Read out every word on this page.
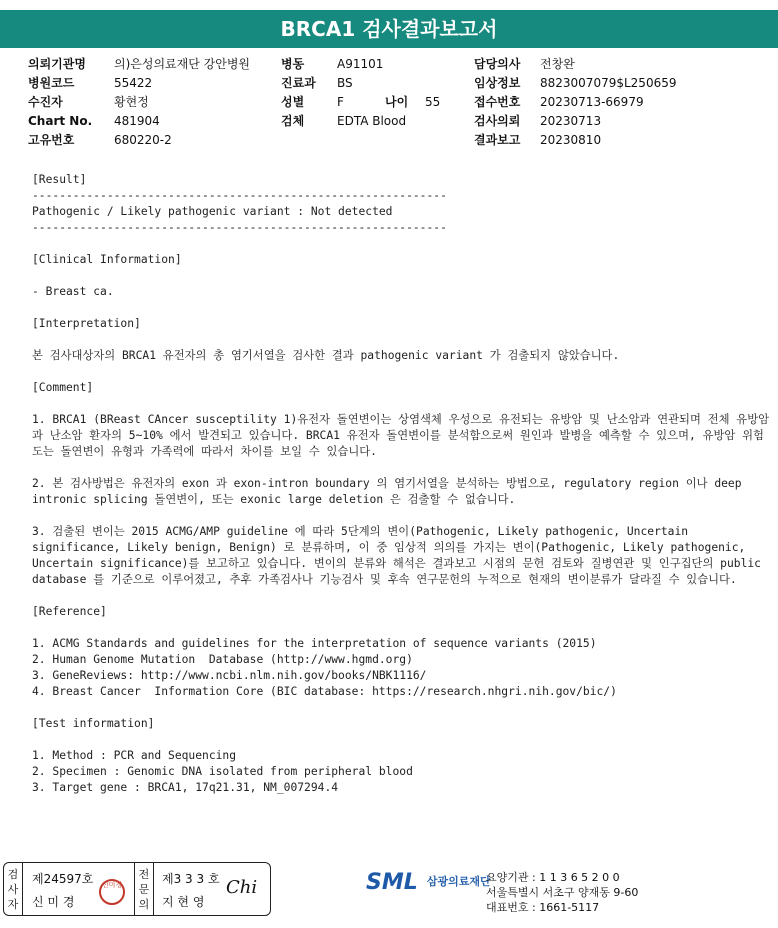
BRCA1 검사결과보고서
의뢰기관명	의)은성의료재단 강안병원
병원코드	55422
수진자	황현정
Chart No.	481904
고유번호	680220-2
병동	A91101
진료과	BS
성별	F	나이	55
검체	EDTA Blood
담당의사	전창완
임상정보	8823007079$L250659
접수번호	20230713-66979
검사의뢰	20230713
결과보고	20230810
[Result]
-------------------------------------------------------------
Pathogenic / Likely pathogenic variant : Not detected
-------------------------------------------------------------
[Clinical Information]
- Breast ca.
[Interpretation]
본 검사대상자의 BRCA1 유전자의 총 염기서열을 검사한 결과 pathogenic variant 가 검출되지 않았습니다.
[Comment]

1. BRCA1 (BReast CAncer susceptility 1)유전자 돌연변이는 상염색체 우성으로 유전되는 유방암 및 난소암과 연관되며 전체 유방암과 난소암 환자의 5~10% 에서 발견되고 있습니다. BRCA1 유전자 돌연변이를 분석함으로써 원인과 발병을 예측할 수 있으며, 유방암 위험도는 돌연변이 유형과 가족력에 따라서 차이를 보일 수 있습니다.

2. 본 검사방법은 유전자의 exon 과 exon-intron boundary 의 염기서열을 분석하는 방법으로, regulatory region 이나 deep intronic splicing 돌연변이, 또는 exonic large deletion 은 검출할 수 없습니다.

3. 검출된 변이는 2015 ACMG/AMP guideline 에 따라 5단계의 변이(Pathogenic, Likely pathogenic, Uncertain significance, Likely benign, Benign) 로 분류하며, 이 중 임상적 의의를 가지는 변이(Pathogenic, Likely pathogenic, Uncertain significance)를 보고하고 있습니다. 변이의 분류와 해석은 결과보고 시점의 문헌 검토와 질병연관 및 인구집단의 public database 를 기준으로 이루어졌고, 추후 가족검사나 기능검사 및 후속 연구문헌의 누적으로 현재의 변이분류가 달라질 수 있습니다.

[Reference]
1. ACMG Standards and guidelines for the interpretation of sequence variants (2015)
2. Human Genome Mutation  Database (http://www.hgmd.org)
3. GeneReviews: http://www.ncbi.nlm.nih.gov/books/NBK1116/
4. Breast Cancer  Information Core (BIC database: https://research.nhgri.nih.gov/bic/)
[Test information]
1. Method : PCR and Sequencing
2. Specimen : Genomic DNA isolated from peripheral blood
3. Target gene : BRCA1, 17q21.31, NM_007294.4
검사자
제24597호
신 미 경
신미경
전문의
제3 3 3 호
지 현 영
Chi	SML $^{삼광의료재단}$
요양기관 : 1 1 3 6 5 2 0 0
서울특별시 서초구 양재동 9-60
대표번호 : 1661-5117
